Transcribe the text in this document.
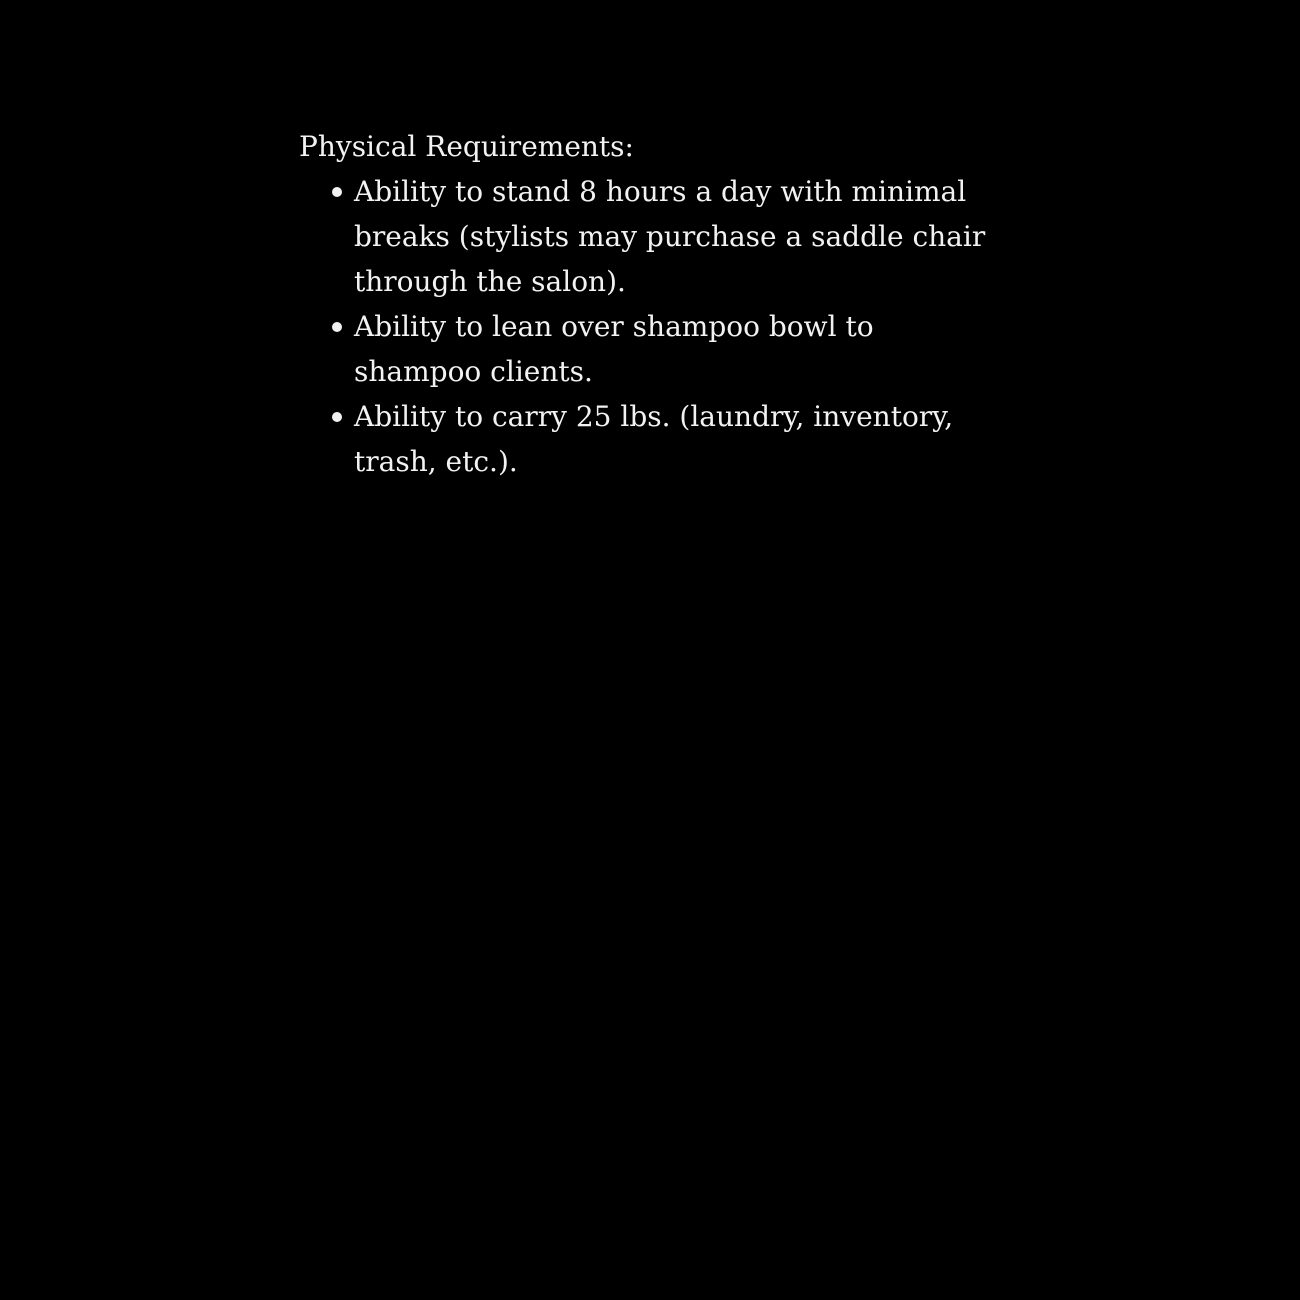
Physical Requirements:

Ability to stand 8 hours a day with minimal breaks (stylists may purchase a saddle chair through the salon).
Ability to lean over shampoo bowl to shampoo clients.
Ability to carry 25 lbs. (laundry, inventory, trash, etc.).
